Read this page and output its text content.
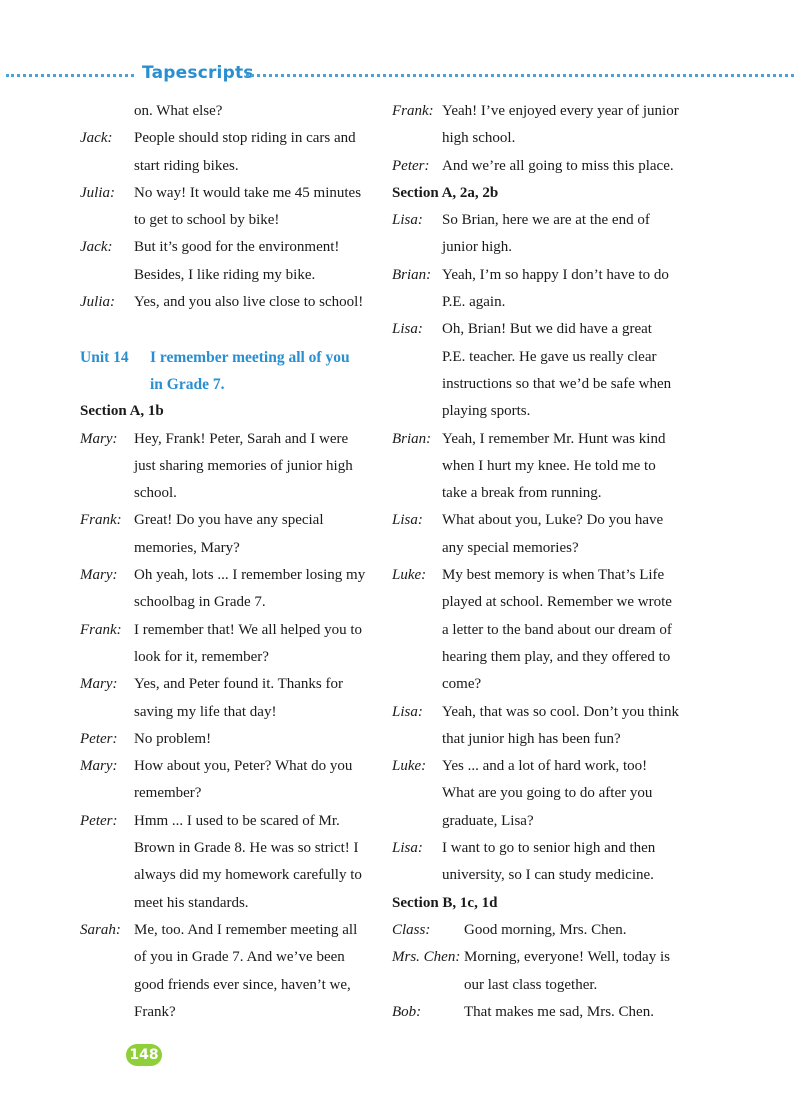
Tapescripts
on. What else?
Jack: People should stop riding in cars and
start riding bikes.
Julia: No way! It would take me 45 minutes
to get to school by bike!
Jack: But it’s good for the environment!
Besides, I like riding my bike.
Julia: Yes, and you also live close to school!
Unit 14 I remember meeting all of you
in Grade 7.
Section A, 1b
Mary: Hey, Frank! Peter, Sarah and I were
just sharing memories of junior high
school.
Frank: Great! Do you have any special
memories, Mary?
Mary: Oh yeah, lots ... I remember losing my
schoolbag in Grade 7.
Frank: I remember that! We all helped you to
look for it, remember?
Mary: Yes, and Peter found it. Thanks for
saving my life that day!
Peter: No problem!
Mary: How about you, Peter? What do you
remember?
Peter: Hmm ... I used to be scared of Mr.
Brown in Grade 8. He was so strict! I
always did my homework carefully to
meet his standards.
Sarah: Me, too. And I remember meeting all
of you in Grade 7. And we’ve been
good friends ever since, haven’t we,
Frank?
Frank: Yeah! I’ve enjoyed every year of junior
high school.
Peter: And we’re all going to miss this place.
Section A, 2a, 2b
Lisa: So Brian, here we are at the end of
junior high.
Brian: Yeah, I’m so happy I don’t have to do
P.E. again.
Lisa: Oh, Brian! But we did have a great
P.E. teacher. He gave us really clear
instructions so that we’d be safe when
playing sports.
Brian: Yeah, I remember Mr. Hunt was kind
when I hurt my knee. He told me to
take a break from running.
Lisa: What about you, Luke? Do you have
any special memories?
Luke: My best memory is when That’s Life
played at school. Remember we wrote
a letter to the band about our dream of
hearing them play, and they offered to
come?
Lisa: Yeah, that was so cool. Don’t you think
that junior high has been fun?
Luke: Yes ... and a lot of hard work, too!
What are you going to do after you
graduate, Lisa?
Lisa: I want to go to senior high and then
university, so I can study medicine.
Section B, 1c, 1d
Class: Good morning, Mrs. Chen.
Mrs. Chen: Morning, everyone! Well, today is
our last class together.
Bob:	That makes me sad, Mrs. Chen.
148
